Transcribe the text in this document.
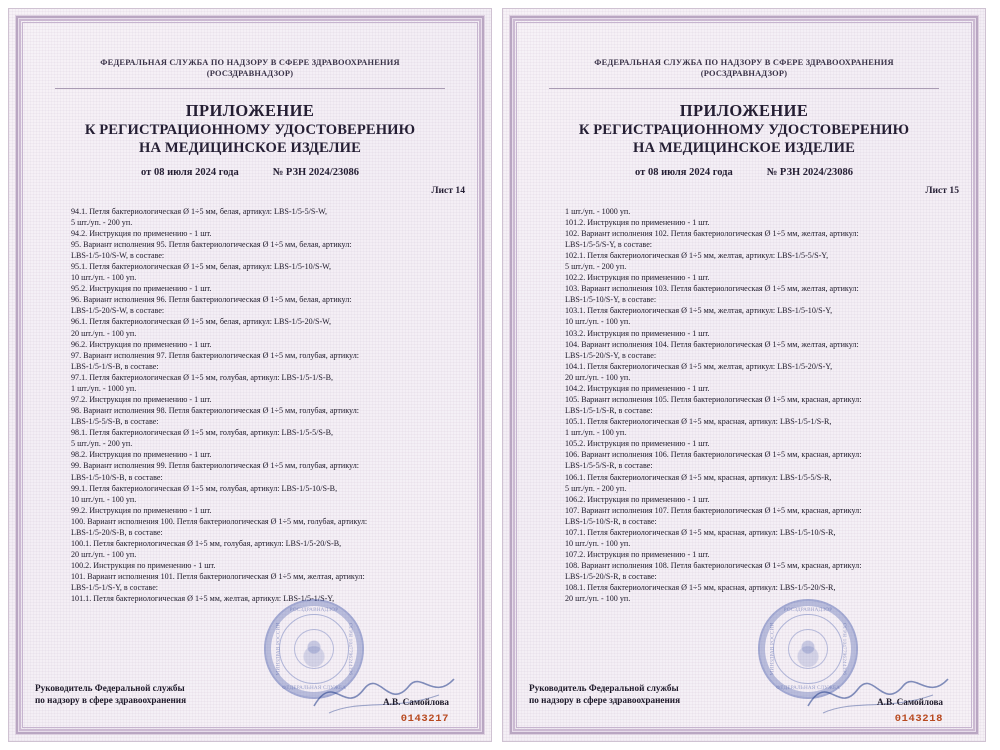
ФЕДЕРАЛЬНАЯ СЛУЖБА ПО НАДЗОРУ В СФЕРЕ ЗДРАВООХРАНЕНИЯ
(РОСЗДРАВНАДЗОР)
ПРИЛОЖЕНИЕ
К РЕГИСТРАЦИОННОМУ УДОСТОВЕРЕНИЮ
НА МЕДИЦИНСКОЕ ИЗДЕЛИЕ
от 08 июля 2024 года	№ РЗН 2024/23086
Лист 14

94.1. Петля бактериологическая Ø 1÷5 мм, белая, артикул: LBS-1/5-5/S-W,

5 шт./уп. - 200 уп.

94.2. Инструкция по применению - 1 шт.

95. Вариант исполнения 95. Петля бактериологическая Ø 1÷5 мм, белая, артикул:

LBS-1/5-10/S-W, в составе:

95.1. Петля бактериологическая Ø 1÷5 мм, белая, артикул: LBS-1/5-10/S-W,

10 шт./уп. - 100 уп.

95.2. Инструкция по применению - 1 шт.

96. Вариант исполнения 96. Петля бактериологическая Ø 1÷5 мм, белая, артикул:

LBS-1/5-20/S-W, в составе:

96.1. Петля бактериологическая Ø 1÷5 мм, белая, артикул: LBS-1/5-20/S-W,

20 шт./уп. - 100 уп.

96.2. Инструкция по применению - 1 шт.

97. Вариант исполнения 97. Петля бактериологическая Ø 1÷5 мм, голубая, артикул:

LBS-1/5-1/S-B, в составе:

97.1. Петля бактериологическая Ø 1÷5 мм, голубая, артикул: LBS-1/5-1/S-B,

1 шт./уп. - 1000 уп.

97.2. Инструкция по применению - 1 шт.

98. Вариант исполнения 98. Петля бактериологическая Ø 1÷5 мм, голубая, артикул:

LBS-1/5-5/S-B, в составе:

98.1. Петля бактериологическая Ø 1÷5 мм, голубая, артикул: LBS-1/5-5/S-B,

5 шт./уп. - 200 уп.

98.2. Инструкция по применению - 1 шт.

99. Вариант исполнения 99. Петля бактериологическая Ø 1÷5 мм, голубая, артикул:

LBS-1/5-10/S-B, в составе:

99.1. Петля бактериологическая Ø 1÷5 мм, голубая, артикул: LBS-1/5-10/S-B,

10 шт./уп. - 100 уп.

99.2. Инструкция по применению - 1 шт.

100. Вариант исполнения 100. Петля бактериологическая Ø 1÷5 мм, голубая, артикул:

LBS-1/5-20/S-B, в составе:

100.1. Петля бактериологическая Ø 1÷5 мм, голубая, артикул: LBS-1/5-20/S-B,

20 шт./уп. - 100 уп.

100.2. Инструкция по применению - 1 шт.

101. Вариант исполнения 101. Петля бактериологическая Ø 1÷5 мм, желтая, артикул:

LBS-1/5-1/S-Y, в составе:

101.1. Петля бактериологическая Ø 1÷5 мм, желтая, артикул: LBS-1/5-1/S-Y,

РОСЗДРАВНАДЗОР
ФЕДЕРАЛЬНАЯ СЛУЖБА
МИНЗДРАВ РОССИИ	ОГРН 1047796244396
Руководитель Федеральной службы
по надзору в сфере здравоохранения	А.В. Самойлова
0143217
ФЕДЕРАЛЬНАЯ СЛУЖБА ПО НАДЗОРУ В СФЕРЕ ЗДРАВООХРАНЕНИЯ
(РОСЗДРАВНАДЗОР)
ПРИЛОЖЕНИЕ
К РЕГИСТРАЦИОННОМУ УДОСТОВЕРЕНИЮ
НА МЕДИЦИНСКОЕ ИЗДЕЛИЕ
от 08 июля 2024 года	№ РЗН 2024/23086
Лист 15

1 шт./уп. - 1000 уп.

101.2. Инструкция по применению - 1 шт.

102. Вариант исполнения 102. Петля бактериологическая Ø 1÷5 мм, желтая, артикул:

LBS-1/5-5/S-Y, в составе:

102.1. Петля бактериологическая Ø 1÷5 мм, желтая, артикул: LBS-1/5-5/S-Y,

5 шт./уп. - 200 уп.

102.2. Инструкция по применению - 1 шт.

103. Вариант исполнения 103. Петля бактериологическая Ø 1÷5 мм, желтая, артикул:

LBS-1/5-10/S-Y, в составе:

103.1. Петля бактериологическая Ø 1÷5 мм, желтая, артикул: LBS-1/5-10/S-Y,

10 шт./уп. - 100 уп.

103.2. Инструкция по применению - 1 шт.

104. Вариант исполнения 104. Петля бактериологическая Ø 1÷5 мм, желтая, артикул:

LBS-1/5-20/S-Y, в составе:

104.1. Петля бактериологическая Ø 1÷5 мм, желтая, артикул: LBS-1/5-20/S-Y,

20 шт./уп. - 100 уп.

104.2. Инструкция по применению - 1 шт.

105. Вариант исполнения 105. Петля бактериологическая Ø 1÷5 мм, красная, артикул:

LBS-1/5-1/S-R, в составе:

105.1. Петля бактериологическая Ø 1÷5 мм, красная, артикул: LBS-1/5-1/S-R,

1 шт./уп. - 100 уп.

105.2. Инструкция по применению - 1 шт.

106. Вариант исполнения 106. Петля бактериологическая Ø 1÷5 мм, красная, артикул:

LBS-1/5-5/S-R, в составе:

106.1. Петля бактериологическая Ø 1÷5 мм, красная, артикул: LBS-1/5-5/S-R,

5 шт./уп. - 200 уп.

106.2. Инструкция по применению - 1 шт.

107. Вариант исполнения 107. Петля бактериологическая Ø 1÷5 мм, красная, артикул:

LBS-1/5-10/S-R, в составе:

107.1. Петля бактериологическая Ø 1÷5 мм, красная, артикул: LBS-1/5-10/S-R,

10 шт./уп. - 100 уп.

107.2. Инструкция по применению - 1 шт.

108. Вариант исполнения 108. Петля бактериологическая Ø 1÷5 мм, красная, артикул:

LBS-1/5-20/S-R, в составе:

108.1. Петля бактериологическая Ø 1÷5 мм, красная, артикул: LBS-1/5-20/S-R,

20 шт./уп. - 100 уп.

РОСЗДРАВНАДЗОР
ФЕДЕРАЛЬНАЯ СЛУЖБА
МИНЗДРАВ РОССИИ	ОГРН 1047796244396
Руководитель Федеральной службы
по надзору в сфере здравоохранения	А.В. Самойлова
0143218
